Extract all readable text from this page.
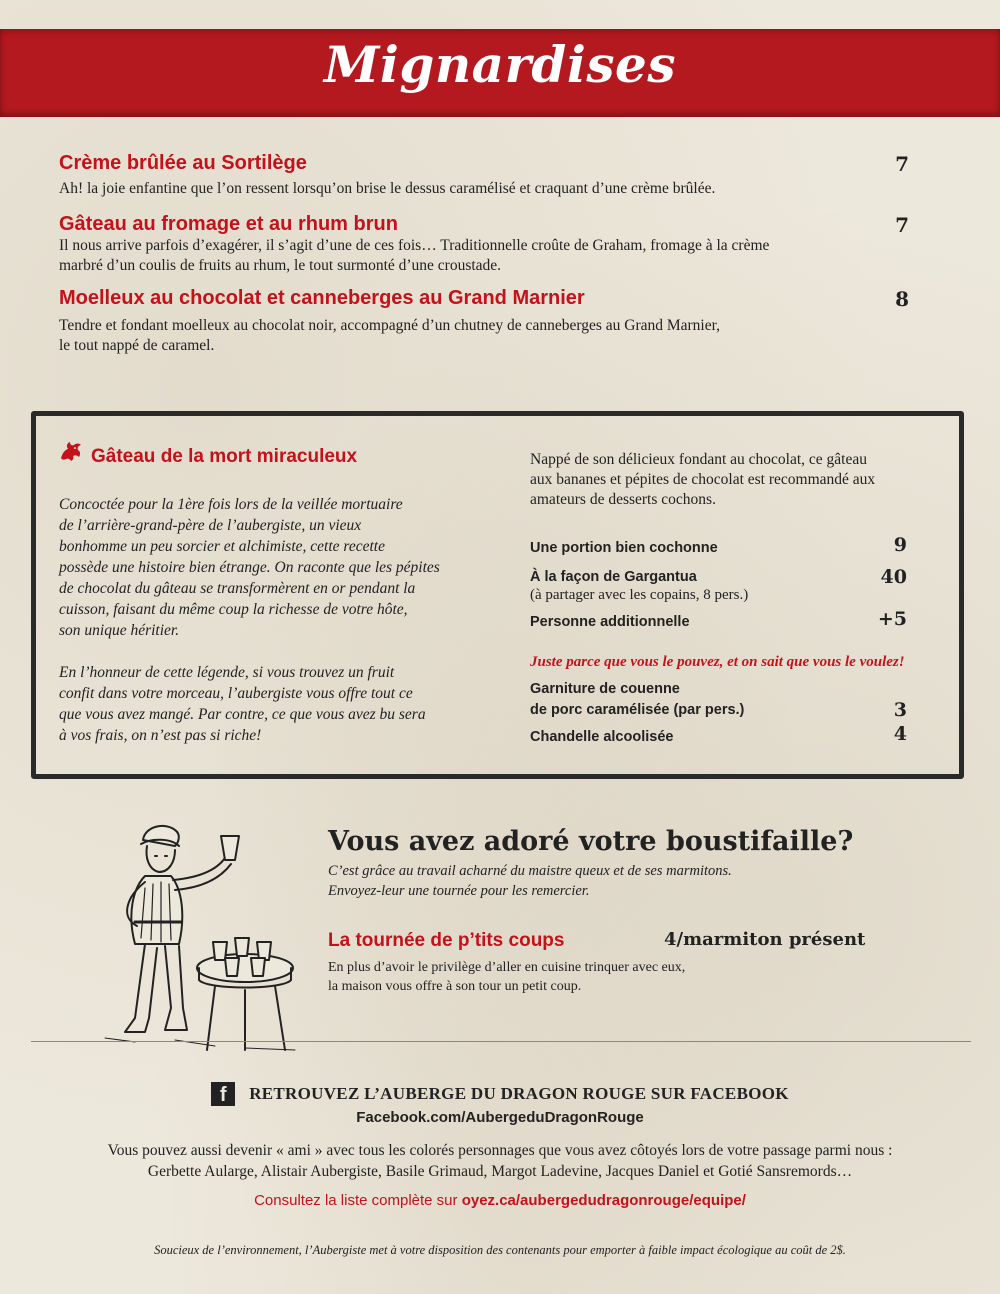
Mignardises
Crème brûlée au Sortilège	7
Ah! la joie enfantine que l’on ressent lorsqu’on brise le dessus caramélisé et craquant d’une crème brûlée.
Gâteau au fromage et au rhum brun	7
Il nous arrive parfois d’exagérer, il s’agit d’une de ces fois… Traditionnelle croûte de Graham, fromage à la crème
marbré d’un coulis de fruits au rhum, le tout surmonté d’une croustade.
Moelleux au chocolat et canneberges au Grand Marnier	8
Tendre et fondant moelleux au chocolat noir, accompagné d’un chutney de canneberges au Grand Marnier,
le tout nappé de caramel.
Gâteau de la mort miraculeux

Concoctée pour la 1ère fois lors de la veillée mortuaire
de l’arrière-grand-père de l’aubergiste, un vieux
bonhomme un peu sorcier et alchimiste, cette recette
possède une histoire bien étrange. On raconte que les pépites
de chocolat du gâteau se transformèrent en or pendant la
cuisson, faisant du même coup la richesse de votre hôte,
son unique héritier.

En l’honneur de cette légende, si vous trouvez un fruit
confit dans votre morceau, l’aubergiste vous offre tout ce
que vous avez mangé. Par contre, ce que vous avez bu sera
à vos frais, on n’est pas si riche!

Nappé de son délicieux fondant au chocolat, ce gâteau
aux bananes et pépites de chocolat est recommandé aux
amateurs de desserts cochons.

Une portion bien cochonne	9
À la façon de Gargantua	40
(à partager avec les copains, 8 pers.)
Personne additionnelle	+5
Juste parce que vous le pouvez, et on sait que vous le voulez!
Garniture de couenne
de porc caramélisée (par pers.)	3
Chandelle alcoolisée	4
Vous avez adoré votre boustifaille?
C’est grâce au travail acharné du maistre queux et de ses marmitons.
Envoyez-leur une tournée pour les remercier.
La tournée de p’tits coups	4/marmiton présent
En plus d’avoir le privilège d’aller en cuisine trinquer avec eux,
la maison vous offre à son tour un petit coup.
f RETROUVEZ L’AUBERGE DU DRAGON ROUGE SUR FACEBOOK
Facebook.com/AubergeduDragonRouge
Vous pouvez aussi devenir « ami » avec tous les colorés personnages que vous avez côtoyés lors de votre passage parmi nous :
Gerbette Aularge, Alistair Aubergiste, Basile Grimaud, Margot Ladevine, Jacques Daniel et Gotié Sansremords…
Consultez la liste complète sur oyez.ca/aubergedudragonrouge/equipe/
Soucieux de l’environnement, l’Aubergiste met à votre disposition des contenants pour emporter à faible impact écologique au coût de 2$.
